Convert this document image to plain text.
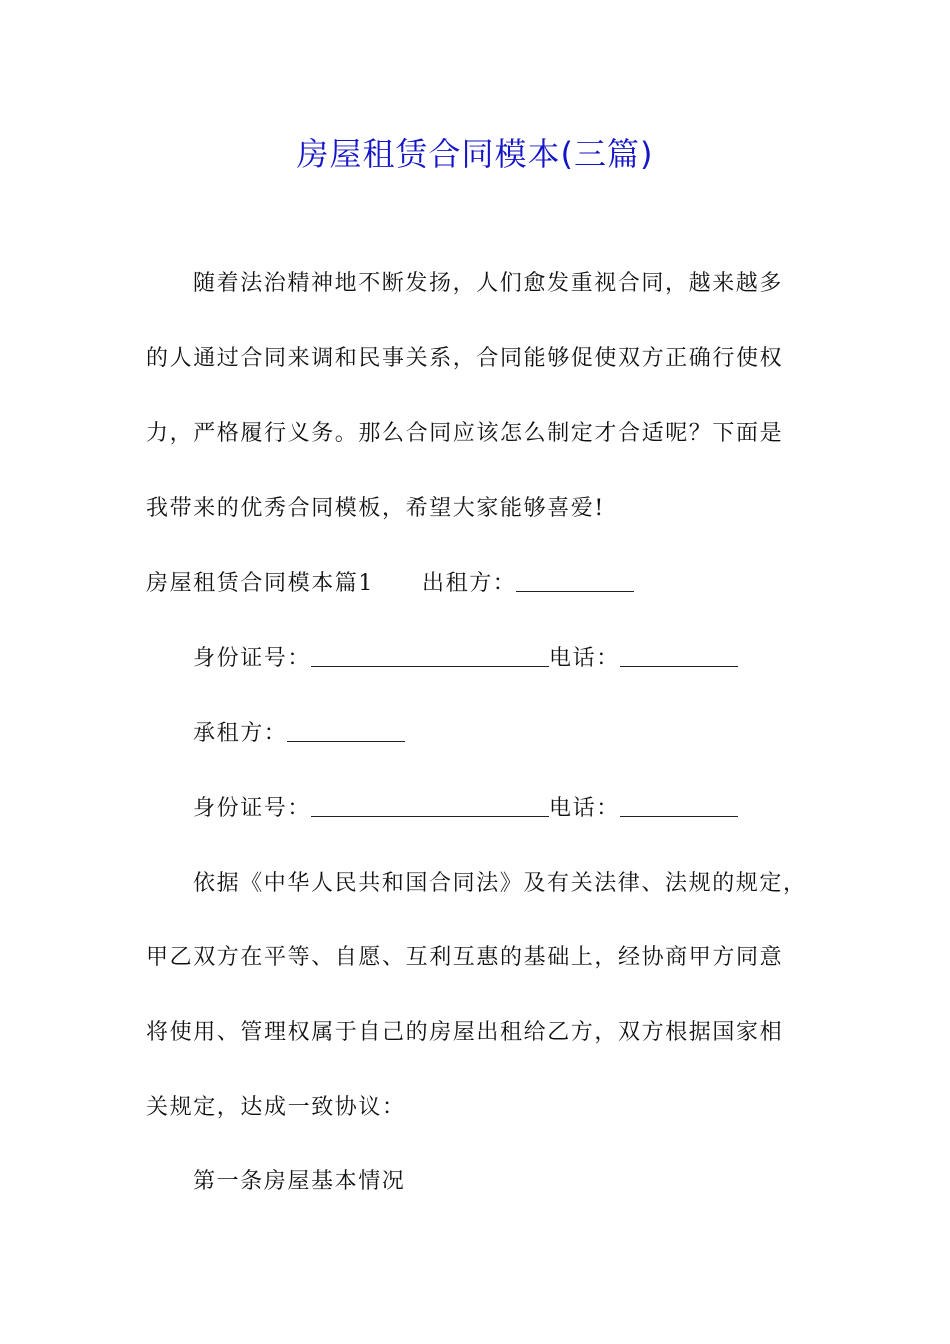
房屋租赁合同模本(三篇)

随着法治精神地不断发扬，人们愈发重视合同，越来越多

的人通过合同来调和民事关系，合同能够促使双方正确行使权

力，严格履行义务。那么合同应该怎么制定才合适呢？下面是

我带来的优秀合同模板，希望大家能够喜爱!

房屋租赁合同模本篇1 出租方：

身份证号：	电话：

承租方：

身份证号：	电话：

依据《中华人民共和国合同法》及有关法律、法规的规定，

甲乙双方在平等、自愿、互利互惠的基础上，经协商甲方同意

将使用、管理权属于自己的房屋出租给乙方，双方根据国家相

关规定，达成一致协议：

第一条房屋基本情况
